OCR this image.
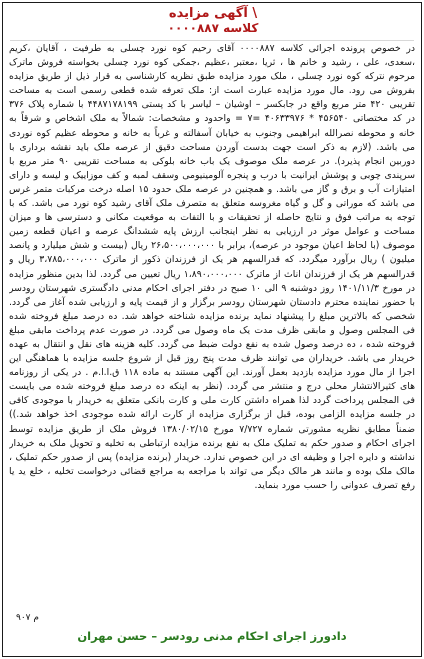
\ آگهی مزایده

کلاسه ۰۰۰۰۸۸۷

در خصوص پرونده اجرائی کلاسه ۰۰۰۰۸۸۷ آقای رحیم کوه نورد چسلی به طرفیت ، آقایان ،کریم ،سعدی، علی ، رشید و خانم ها ، ثریا ،معتبر ،عظیم ،جمکی کوه نورد چسلی بخواسته فروش ماترک مرحوم نترکه کوه نورد چسلی ، ملک مورد مزایده طبق نظریه کارشناسی به قرار ذیل از طریق مزایده بفروش می رود. مال مورد مزایده عبارت است از: ملک تعرفه شده قطعی رسمی است به مساحت تقریبی ۴۲۰ متر مربع واقع در جابکسر – اوشیان – لیاسر با کد پستی ۴۴۸۷۱۷۸۱۹۹ با شماره پلاک ۳۷۶ در کد مختصاتی ۴۵۶۵۴۰ * ۴۰۶۳۳۹۷۶ =۷ = واحدود و مشخصات: شمالاً به ملک اشخاص و شرقاً به خانه و محوطه نصرالله ابراهیمی وجنوب به خیابان آسفالته و غرباً به خانه و محوطه عظیم کوه نوردی می باشد. (لازم به ذکر است جهت بدست آوردن مساحت دقیق از عرصه ملک باید نقشه برداری با دوربین انجام پذیرد). در عرصه ملک موصوف یک باب خانه بلوکی به مساحت تقریبی ۹۰ متر مربع با سرپندی چوبی و پوشش ایرانیت با درب و پنجره آلومینیومی وسقف لمبه و کف موزاییک و لیسه و دارای امتیازات آب و برق و گاز می باشد. و همچنین در عرصه ملک حدود ۱۵ اصله درخت مرکبات متمر غرس می باشد که موراتی و گل و گیاه مغروسه متعلق به متصرف ملک آقای رشید کوه نورد می باشد. که با توجه به مراتب فوق و نتایج حاصله از تحقیقات و با التفات به موقعیت مکانی و دسترسی ها و میزان مساحت و عوامل موثر در ارزیابی به نظر اینجانب ارزش پایه ششدانگ عرصه و اعیان قطعه زمین موصوف (با لحاظ اعیان موجود در عرصه)، برابر با ۲۶،۵۰۰،۰۰۰،۰۰۰ ریال (بیست و شش میلیارد و پانصد میلیون ) ریال برآورد میگردد. که قدرالسهم هر یک از فرزندان ذکور از ماترک ۳،۷۸۵،۰۰۰،۰۰۰ ریال و قدرالسهم هر یک از فرزندان اناث از ماترک ۱،۸۹۰،۰۰۰،۰۰۰ ریال تعیین می گردد. لذا بدین منظور مزایده در مورخ ۱۴۰۱/۱۱/۳ روز دوشنبه ۹ الی ۱۰ صبح در دفتر اجرای احکام مدنی دادگستری شهرستان رودسر با حضور نماینده محترم دادستان شهرستان رودسر برگزار و از قیمت پایه و ارزیابی شده آغاز می گردد. شخصی که بالاترین مبلغ را پیشنهاد نماید برنده مزایده شناخته خواهد شد. ده درصد مبلغ فروخته شده فی المجلس وصول و مابقی ظرف مدت یک ماه وصول می گردد. در صورت عدم پرداخت مابقی مبلغ فروخته شده ، ده درصد وصول شده به نفع دولت ضبط می گردد. کلیه هزینه های نقل و انتقال به عهده خریدار می باشد. خریداران می توانند ظرف مدت پنج روز قبل از شروع جلسه مزایده با هماهنگی این اجرا از مال مورد مزایده بازدید بعمل آورند. این آگهی مستند به ماده ۱۱۸ ق.ا.ا.م . در یکی از روزنامه های کثیرالانتشار محلی درج و منتشر می گردد. (نظر به اینکه ده درصد مبلغ فروخته شده می بایست فی المجلس پرداخت گردد لذا همراه داشتن کارت ملی و کارت بانکی متعلق به خریدار با موجودی کافی در جلسه مزایده الزامی بوده، قبل از برگزاری مزایده از کارت ارائه شده موجودی اخذ خواهد شد.)) ضمناً مطابق نظریه مشورتی شماره ۷/۷۲۷ مورخ ۱۳۸۰/۰۲/۱۵ فروش ملک از طریق مزایده توسط اجرای احکام و صدور حکم به تملیک ملک به نفع برنده مزایده ارتباطی به تخلیه و تحویل ملک به خریدار نداشته و دایره اجرا و وظیفه ای در این خصوص ندارد. خریدار (برنده مزایده) پس از صدور حکم تملیک ، مالک ملک بوده و مانند هر مالک دیگر می تواند با مراجعه به مراجع قضائی درخواست تخلیه ، خلع ید یا رفع تصرف عدوانی را حسب مورد بنماید.

م ۹۰۷

دادورز اجرای احکام مدنی رودسر – حسن مهران
